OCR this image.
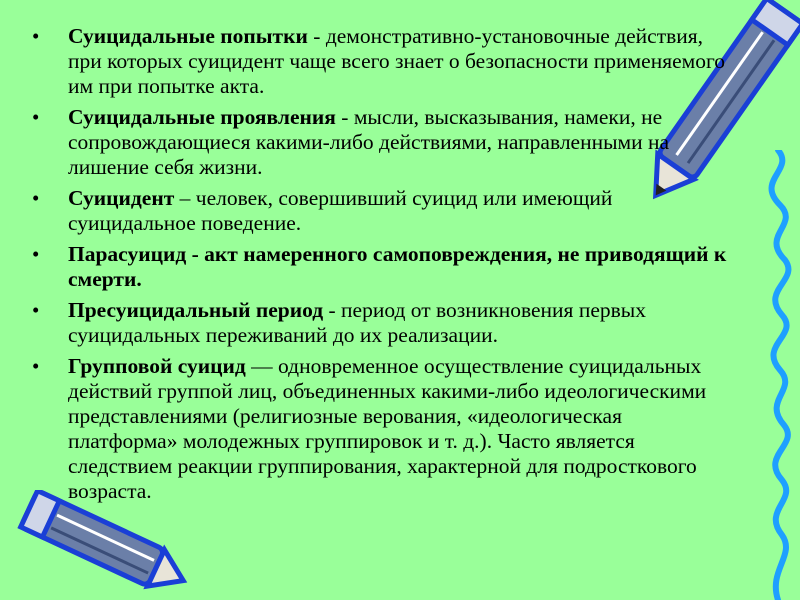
• Суицидальные попытки - демонстративно-установочные действия, при которых суицидент чаще всего знает о безопасности применяемого им при попытке акта.
• Суицидальные проявления - мысли, высказывания, намеки, не сопровождающиеся какими-либо действиями, направленными на лишение себя жизни.
• Суицидент – человек, совершивший суицид или имеющий суицидальное поведение.
• Парасуицид - акт намеренного самоповреждения, не приводящий к смерти.
• Пресуицидальный период - период от возникновения первых суицидальных переживаний до их реализации.
• Групповой суицид — одновременное осуществление суицидальных действий группой лиц, объединенных какими-либо идеологическими представлениями (религиозные верования, «идеологическая платформа» молодежных группировок и т. д.). Часто является следствием реакции группирования, характерной для подросткового возраста.
